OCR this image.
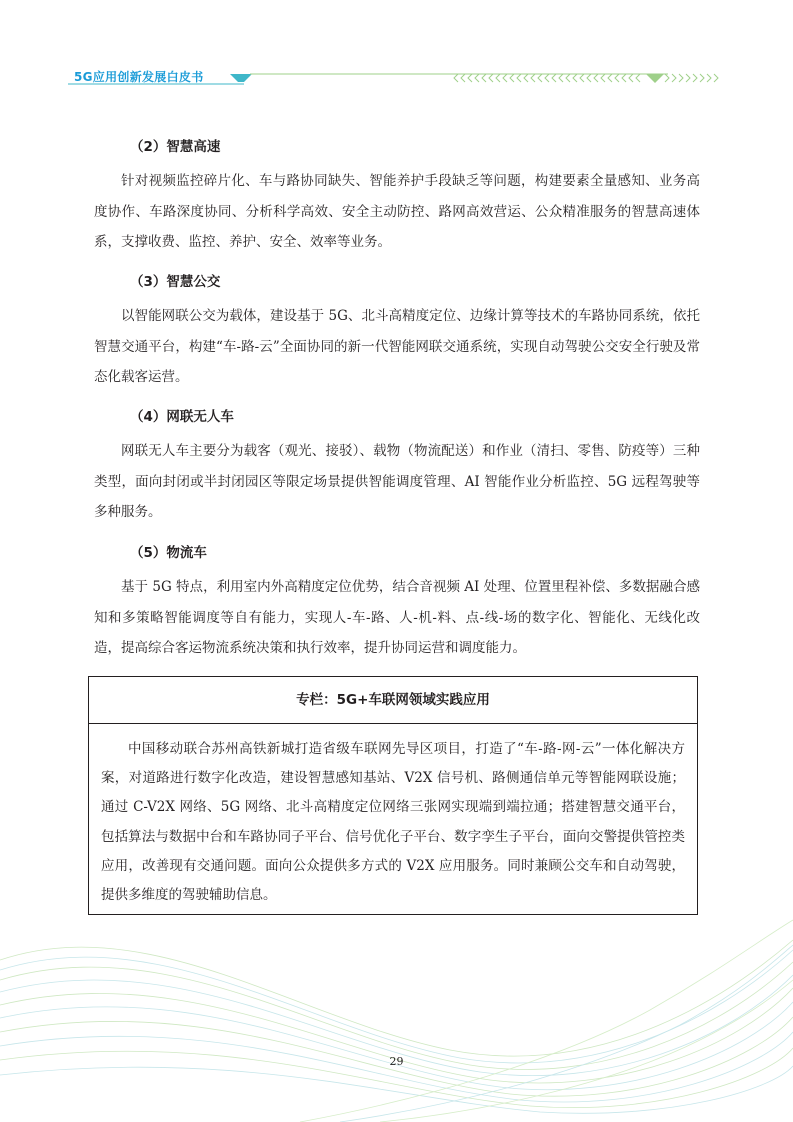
5G应用创新发展白皮书
（2）智慧高速
针对视频监控碎片化、车与路协同缺失、智能养护手段缺乏等问题，构建要素全量感知、业务高度协作、车路深度协同、分析科学高效、安全主动防控、路网高效营运、公众精准服务的智慧高速体系，支撑收费、监控、养护、安全、效率等业务。
（3）智慧公交
以智能网联公交为载体，建设基于 5G、北斗高精度定位、边缘计算等技术的车路协同系统，依托智慧交通平台，构建“车-路-云”全面协同的新一代智能网联交通系统，实现自动驾驶公交安全行驶及常态化载客运营。
（4）网联无人车
网联无人车主要分为载客（观光、接驳）、载物（物流配送）和作业（清扫、零售、防疫等）三种类型，面向封闭或半封闭园区等限定场景提供智能调度管理、AI 智能作业分析监控、5G 远程驾驶等多种服务。
（5）物流车
基于 5G 特点，利用室内外高精度定位优势，结合音视频 AI 处理、位置里程补偿、多数据融合感知和多策略智能调度等自有能力，实现人-车-路、人-机-料、点-线-场的数字化、智能化、无线化改造，提高综合客运物流系统决策和执行效率，提升协同运营和调度能力。
专栏：5G+车联网领域实践应用
中国移动联合苏州高铁新城打造省级车联网先导区项目，打造了“车-路-网-云”一体化解决方案，对道路进行数字化改造，建设智慧感知基站、V2X 信号机、路侧通信单元等智能网联设施；通过 C-V2X 网络、5G 网络、北斗高精度定位网络三张网实现端到端拉通；搭建智慧交通平台，包括算法与数据中台和车路协同子平台、信号优化子平台、数字孪生子平台，面向交警提供管控类应用，改善现有交通问题。面向公众提供多方式的 V2X 应用服务。同时兼顾公交车和自动驾驶，提供多维度的驾驶辅助信息。
29
